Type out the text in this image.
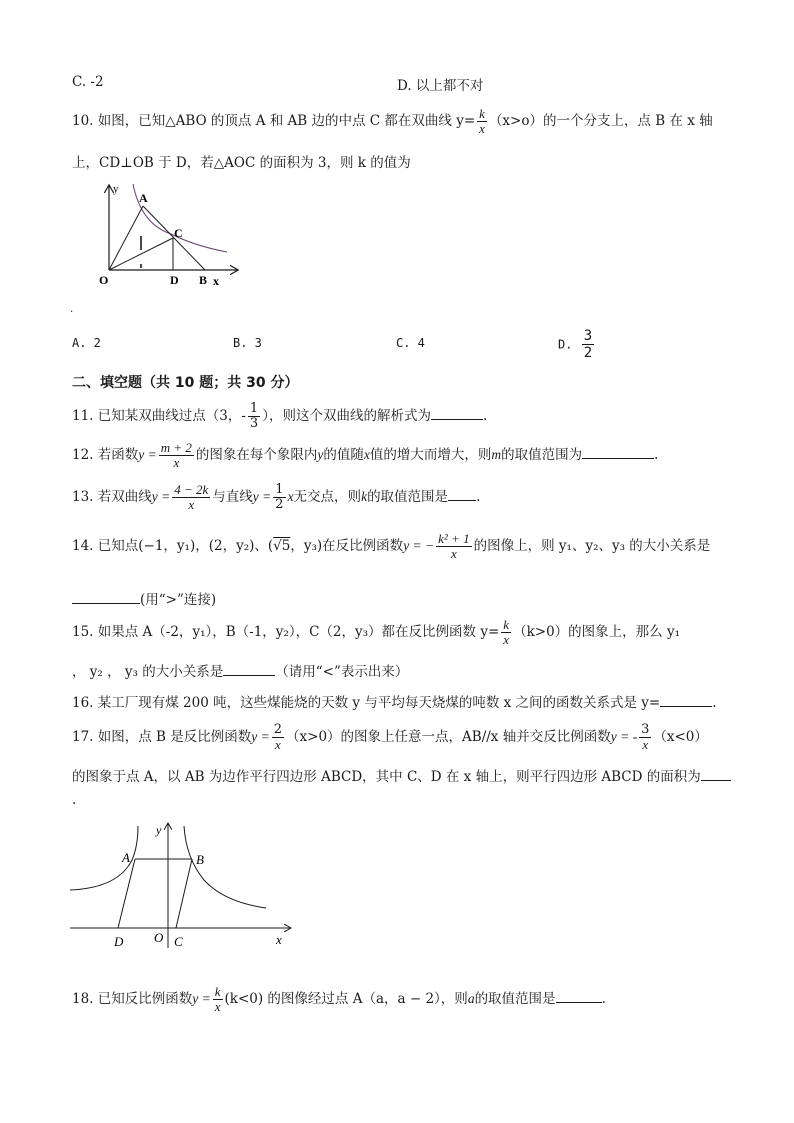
C. -2	D. 以上都不对
10. 如图，已知△ABO 的顶点 A 和 AB 边的中点 C 都在双曲线 $y= \frac{k}{x} (x>o)$的一个分支上，点 B 在 x 轴
上，CD⊥OB 于 D，若△AOC 的面积为 3，则 k 的值为
y
A
C
O	D B x
.
A. 2	B. 3	C. 4	D. $\frac{3}{2}$
二、填空题（共 10 题；共 30 分）
11. 已知某双曲线过点（3，- $\frac{1}{3}$ ），则这个双曲线的解析式为	.
12. 若函数$y = \frac{m + 2}{x}$ 的图象在每个象限内y的值随x值的增大而增大，则m的取值范围为	.
13. 若双曲线$y = \frac{4 - 2k}{x}$ 与直线$y = \frac{1}{2}$ x无交点，则k的取值范围是 .
14. 已知点(−1，y₁)，(2，y₂)、(√5，y₃)在反比例函数y = − $\frac{\text{k² + 1}}{x}$ 的图像上，则 y₁、y₂、y₃ 的大小关系是
(用“>”连接)
15. 如果点 A（-2，y₁），B（-1，y₂），C（2，y₃）都在反比例函数 $y= \frac{k}{x} (k>0)$的图象上，那么 y₁
， y₂ ， y₃ 的大小关系是	（请用“<”表示出来）
16. 某工厂现有煤 200 吨，这些煤能烧的天数 y 与平均每天烧煤的吨数 x 之间的函数关系式是 y=	.
17. 如图，点 B 是反比例函数$y = \frac{2}{x} (x>0)$的图象上任意一点，AB//x 轴并交反比例函数y = - $\frac{3}{x} (x<0)$
的图象于点 A，以 AB 为边作平行四边形 ABCD，其中 C、D 在 x 轴上，则平行四边形 ABCD 的面积为
.
y
A	B
D O C	x
18. 已知反比例函数$y = \frac{k}{x} (k<0)$ 的图像经过点 A（a，a − 2），则a的取值范围是	.
